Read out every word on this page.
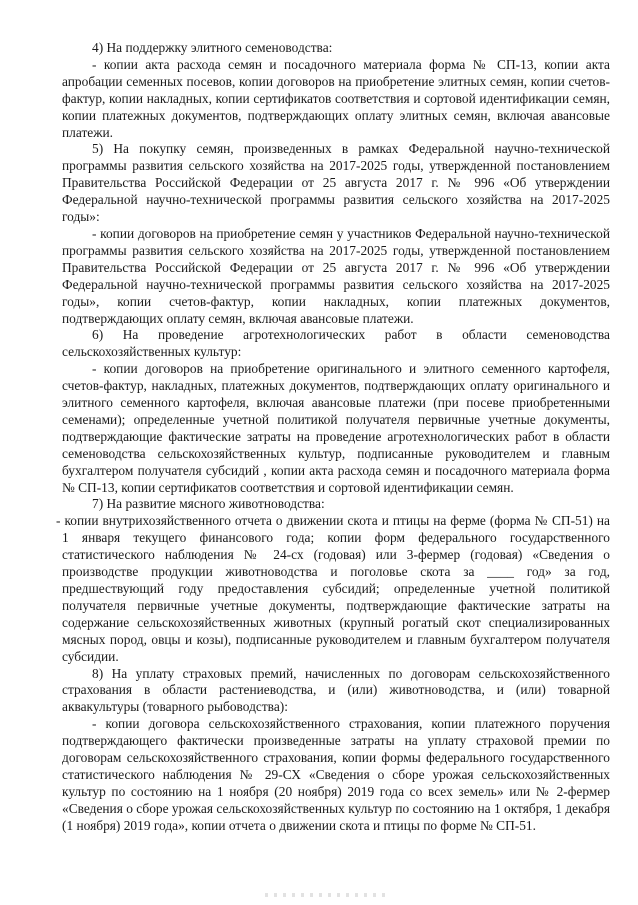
4) На поддержку элитного семеноводства:

- копии акта расхода семян и посадочного материала форма № СП-13, копии акта апробации семенных посевов, копии договоров на приобретение элитных семян, копии счетов-фактур, копии накладных, копии сертификатов соответствия и сортовой идентификации семян, копии платежных документов, подтверждающих оплату элитных семян, включая авансовые платежи.

5) На покупку семян, произведенных в рамках Федеральной научно-технической программы развития сельского хозяйства на 2017-2025 годы, утвержденной постановлением Правительства Российской Федерации от 25 августа 2017 г. № 996 «Об утверждении Федеральной научно-технической программы развития сельского хозяйства на 2017-2025 годы»:

- копии договоров на приобретение семян у участников Федеральной научно-технической программы развития сельского хозяйства на 2017-2025 годы, утвержденной постановлением Правительства Российской Федерации от 25 августа 2017 г. № 996 «Об утверждении Федеральной научно-технической программы развития сельского хозяйства на 2017-2025 годы», копии счетов-фактур, копии накладных, копии платежных документов, подтверждающих оплату семян, включая авансовые платежи.

6) На проведение агротехнологических работ в области семеноводства сельскохозяйственных культур:

- копии договоров на приобретение оригинального и элитного семенного картофеля, счетов-фактур, накладных, платежных документов, подтверждающих оплату оригинального и элитного семенного картофеля, включая авансовые платежи (при посеве приобретенными семенами); определенные учетной политикой получателя первичные учетные документы, подтверждающие фактические затраты на проведение агротехнологических работ в области семеноводства сельскохозяйственных культур, подписанные руководителем и главным бухгалтером получателя субсидий , копии акта расхода семян и посадочного материала форма № СП-13, копии сертификатов соответствия и сортовой идентификации семян.

7) На развитие мясного животноводства:

- копии внутрихозяйственного отчета о движении скота и птицы на ферме (форма № СП-51) на 1 января текущего финансового года; копии форм федерального государственного статистического наблюдения № 24-сх (годовая) или 3-фермер (годовая) «Сведения о производстве продукции животноводства и поголовье скота за ____ год» за год, предшествующий году предоставления субсидий; определенные учетной политикой получателя первичные учетные документы, подтверждающие фактические затраты на содержание сельскохозяйственных животных (крупный рогатый скот специализированных мясных пород, овцы и козы), подписанные руководителем и главным бухгалтером получателя субсидии.

8) На уплату страховых премий, начисленных по договорам сельскохозяйственного страхования в области растениеводства, и (или) животноводства, и (или) товарной аквакультуры (товарного рыбоводства):

- копии договора сельскохозяйственного страхования, копии платежного поручения подтверждающего фактически произведенные затраты на уплату страховой премии по договорам сельскохозяйственного страхования, копии формы федерального государственного статистического наблюдения № 29-СХ «Сведения о сборе урожая сельскохозяйственных культур по состоянию на 1 ноября (20 ноября) 2019 года со всех земель» или № 2-фермер «Сведения о сборе урожая сельскохозяйственных культур по состоянию на 1 октября, 1 декабря (1 ноября) 2019 года», копии отчета о движении скота и птицы по форме № СП-51.
